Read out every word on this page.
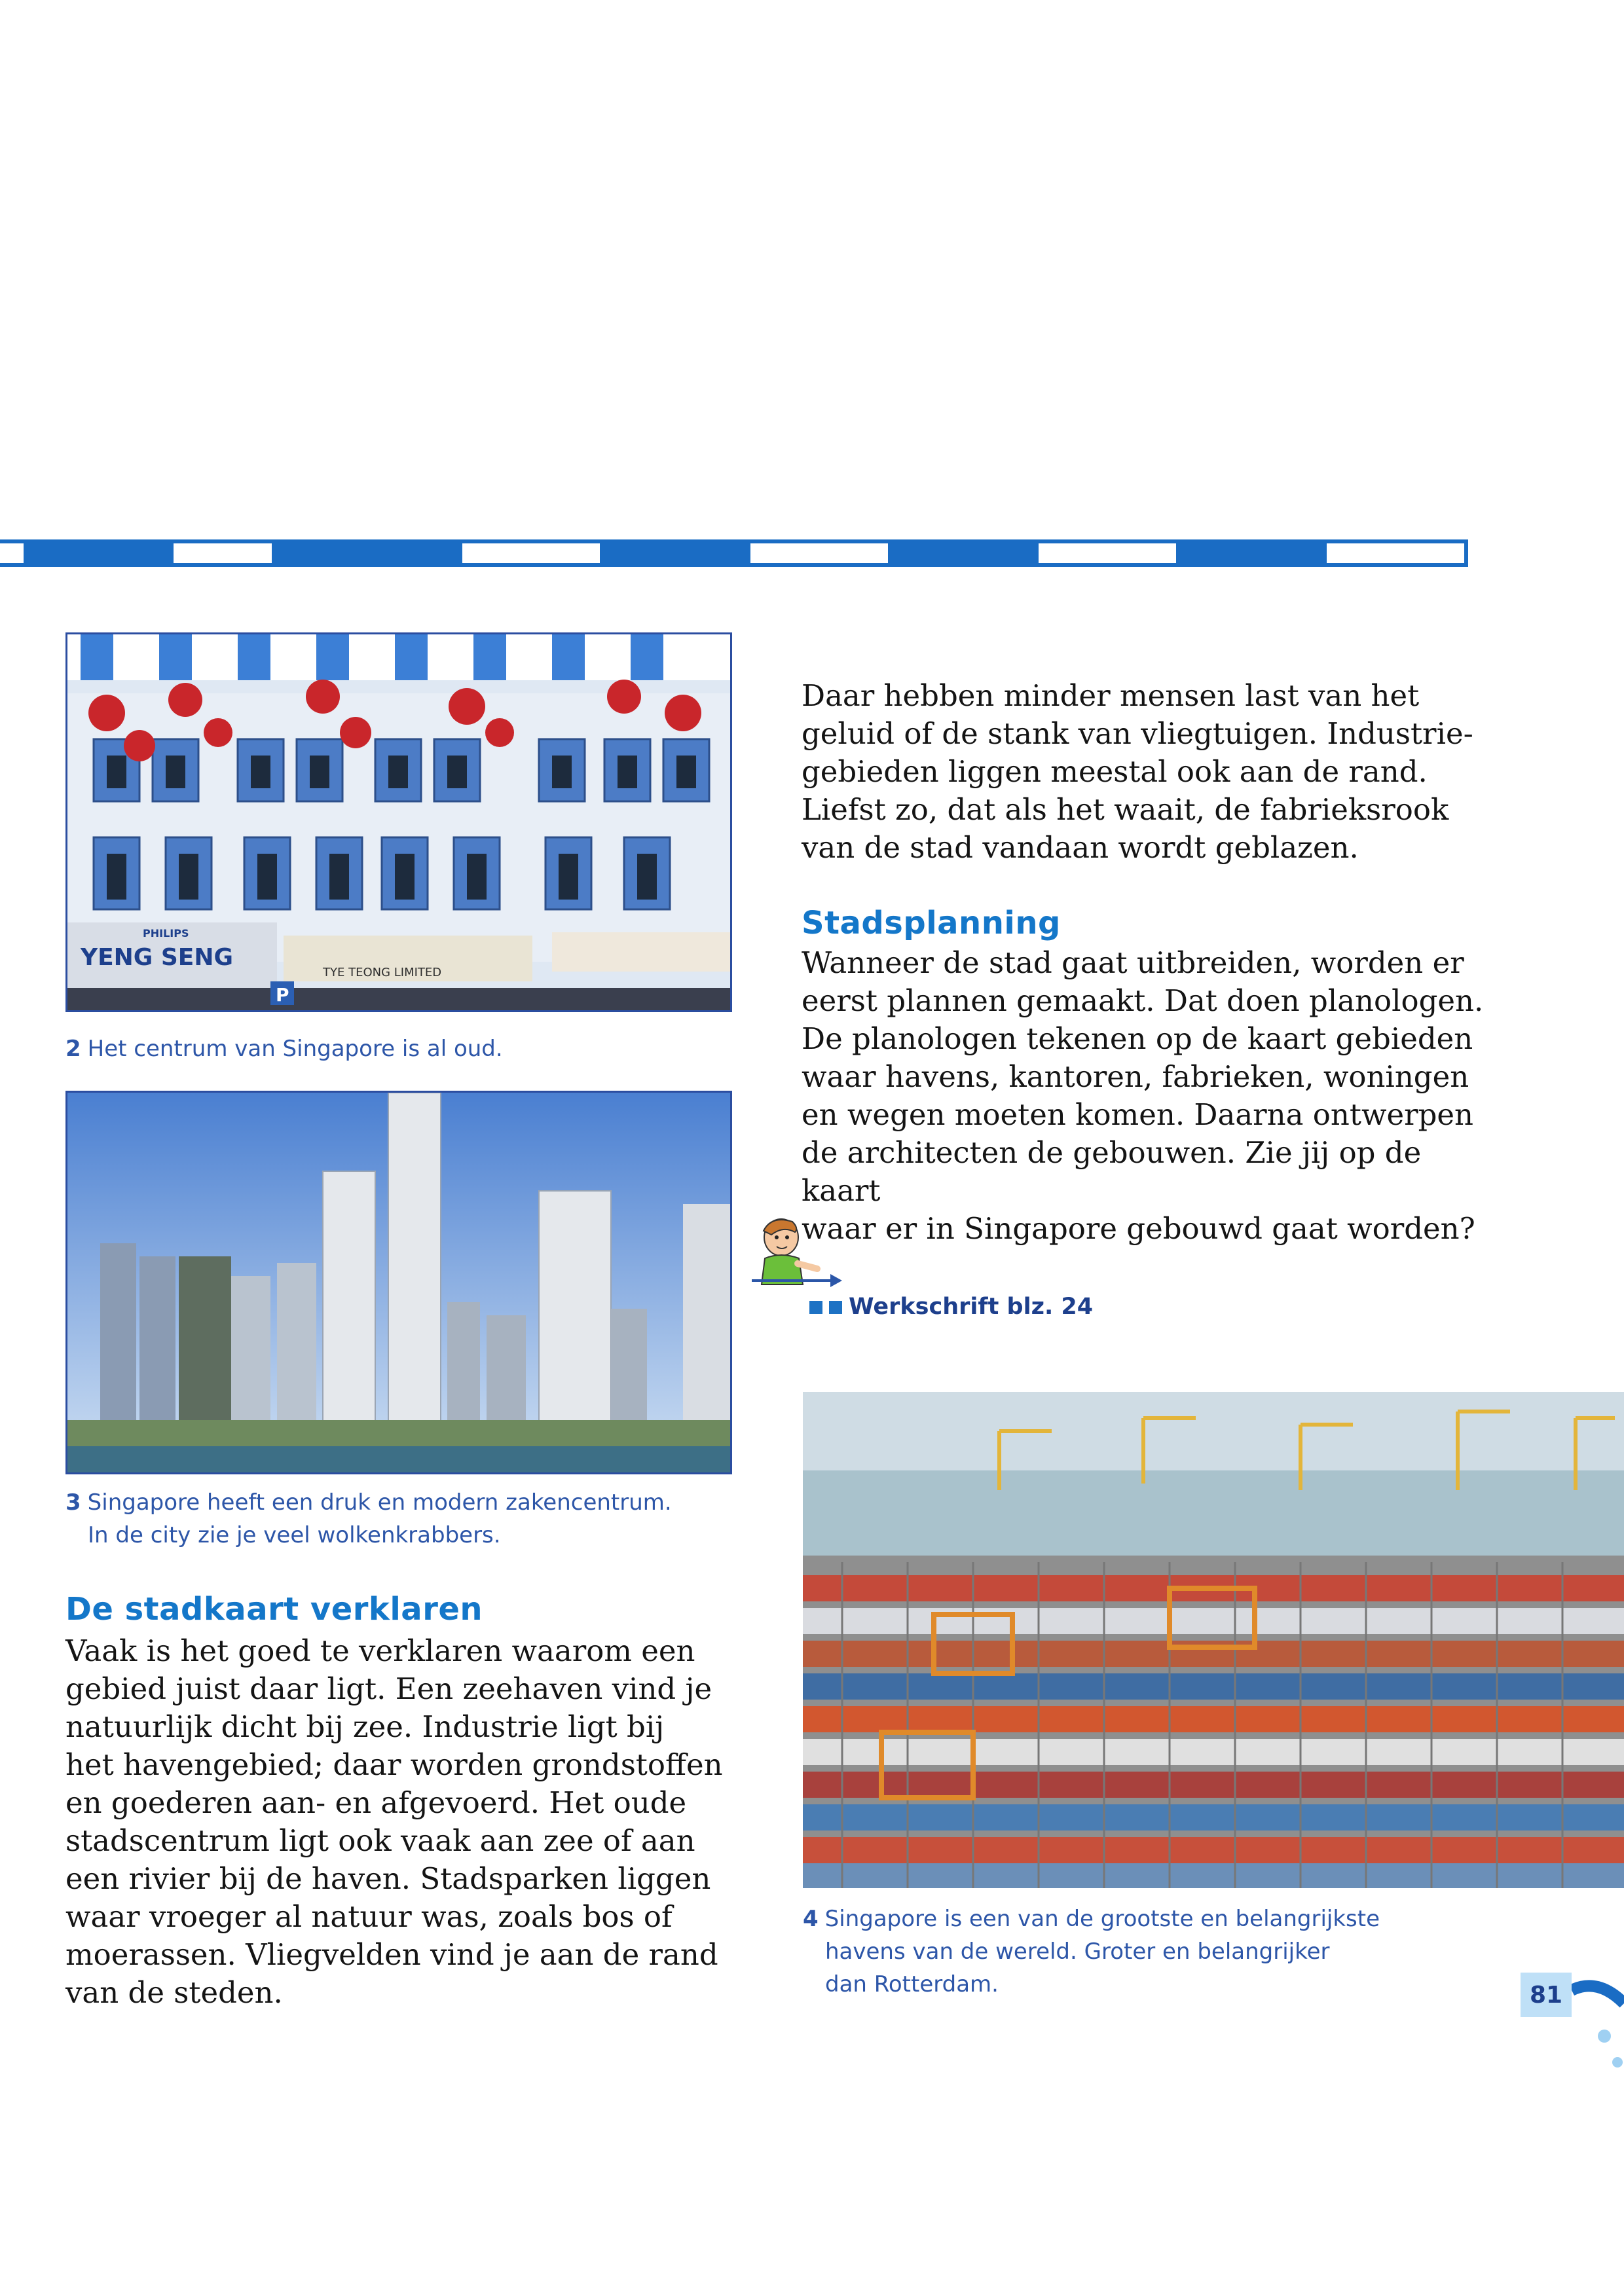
YENG SENG
PHILIPS
TYE TEONG LIMITED
P
2 Het centrum van Singapore is al oud.
3 Singapore heeft een druk en modern zakencentrum.
In de city zie je veel wolkenkrabbers.
De stadkaart verklaren
Vaak is het goed te verklaren waarom een
gebied juist daar ligt. Een zeehaven vind je
natuurlijk dicht bij zee. Industrie ligt bij
het havengebied; daar worden grondstoffen
en goederen aan- en afgevoerd. Het oude
stadscentrum ligt ook vaak aan zee of aan
een rivier bij de haven. Stadsparken liggen
waar vroeger al natuur was, zoals bos of
moerassen. Vliegvelden vind je aan de rand
van de steden.
Daar hebben minder mensen last van het
geluid of de stank van vliegtuigen. Industrie-
gebieden liggen meestal ook aan de rand.
Liefst zo, dat als het waait, de fabrieksrook
van de stad vandaan wordt geblazen.
Stadsplanning
Wanneer de stad gaat uitbreiden, worden er
eerst plannen gemaakt. Dat doen planologen.
De planologen tekenen op de kaart gebieden
waar havens, kantoren, fabrieken, woningen
en wegen moeten komen. Daarna ontwerpen
de architecten de gebouwen. Zie jij op de kaart
waar er in Singapore gebouwd gaat worden?
Werkschrift blz. 24
4 Singapore is een van de grootste en belangrijkste
havens van de wereld. Groter en belangrijker
dan Rotterdam.	81
